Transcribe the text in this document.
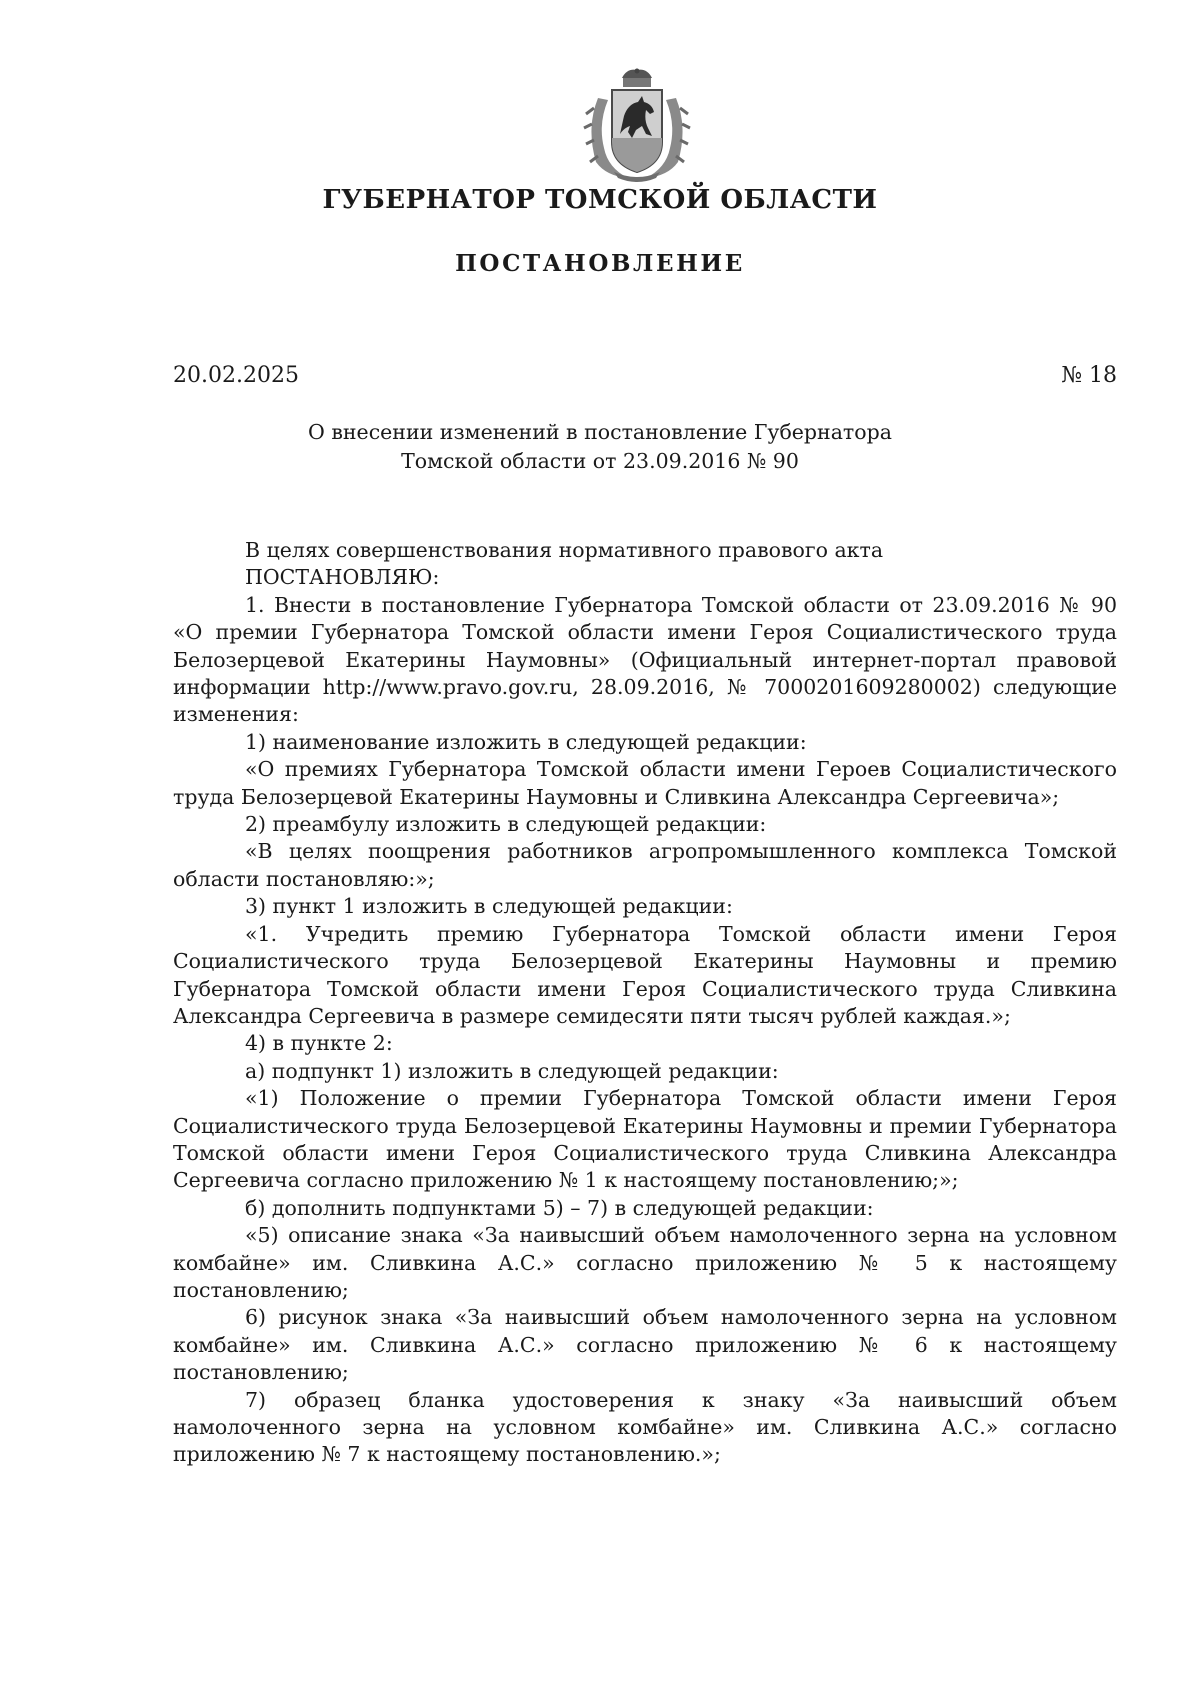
ГУБЕРНАТОР ТОМСКОЙ ОБЛАСТИ
ПОСТАНОВЛЕНИЕ
20.02.2025	№ 18

О внесении изменений в постановление Губернатора
Томской области от 23.09.2016 № 90

В целях совершенствования нормативного правового акта

ПОСТАНОВЛЯЮ:

1. Внести в постановление Губернатора Томской области от 23.09.2016 № 90 «О премии Губернатора Томской области имени Героя Социалистического труда Белозерцевой Екатерины Наумовны» (Официальный интернет-портал правовой информации http://www.pravo.gov.ru, 28.09.2016, № 7000201609280002) следующие изменения:

1) наименование изложить в следующей редакции:

«О премиях Губернатора Томской области имени Героев Социалистического труда Белозерцевой Екатерины Наумовны и Сливкина Александра Сергеевича»;

2) преамбулу изложить в следующей редакции:

«В целях поощрения работников агропромышленного комплекса Томской области постановляю:»;

3) пункт 1 изложить в следующей редакции:

«1. Учредить премию Губернатора Томской области имени Героя Социалистического труда Белозерцевой Екатерины Наумовны и премию Губернатора Томской области имени Героя Социалистического труда Сливкина Александра Сергеевича в размере семидесяти пяти тысяч рублей каждая.»;

4) в пункте 2:

а) подпункт 1) изложить в следующей редакции:

«1) Положение о премии Губернатора Томской области имени Героя Социалистического труда Белозерцевой Екатерины Наумовны и премии Губернатора Томской области имени Героя Социалистического труда Сливкина Александра Сергеевича согласно приложению № 1 к настоящему постановлению;»;

б) дополнить подпунктами 5) – 7) в следующей редакции:

«5) описание знака «За наивысший объем намолоченного зерна на условном комбайне» им. Сливкина А.С.» согласно приложению № 5 к настоящему постановлению;

6) рисунок знака «За наивысший объем намолоченного зерна на условном комбайне» им. Сливкина А.С.» согласно приложению № 6 к настоящему постановлению;

7) образец бланка удостоверения к знаку «За наивысший объем намолоченного зерна на условном комбайне» им. Сливкина А.С.» согласно приложению № 7 к настоящему постановлению.»;
